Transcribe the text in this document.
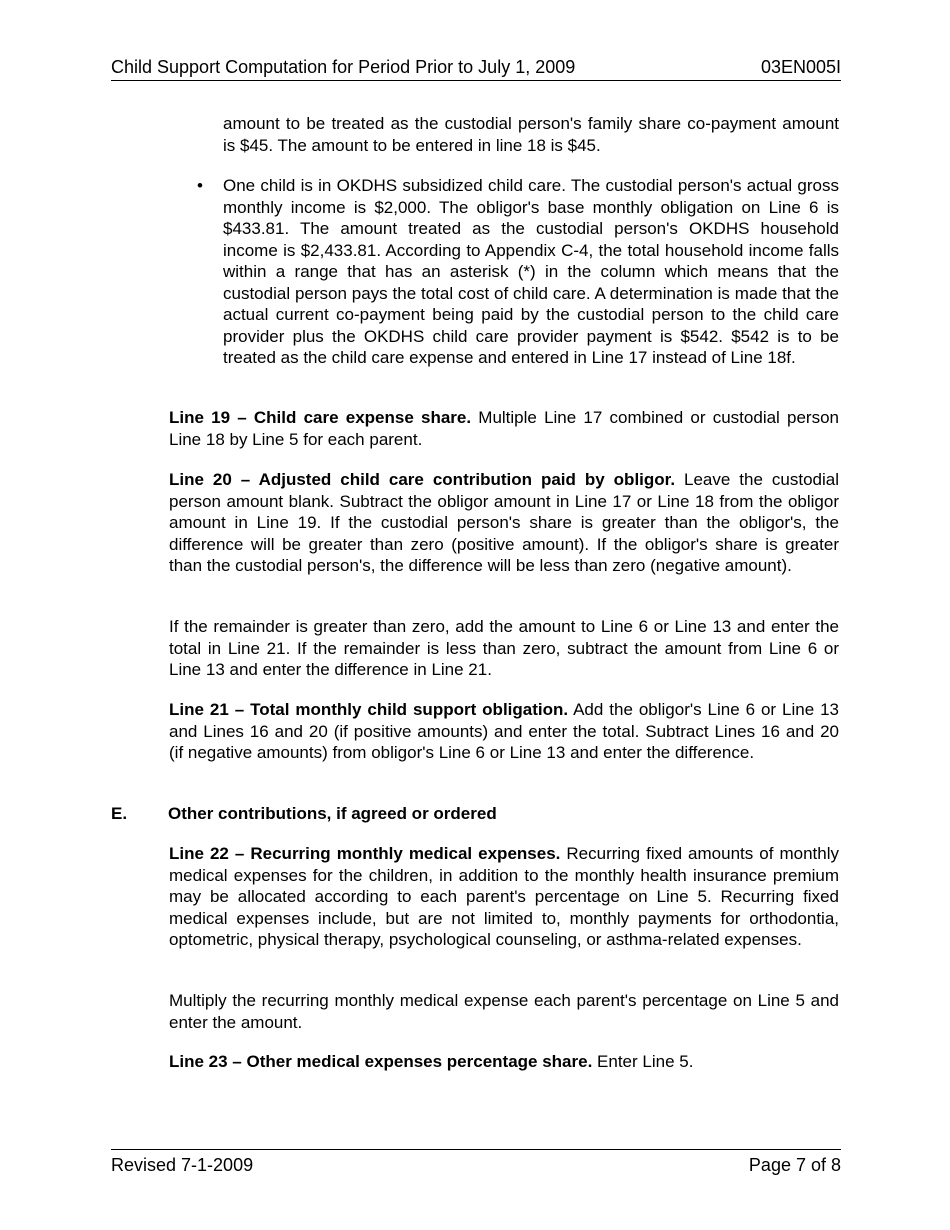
Child Support Computation for Period Prior to July 1, 2009	03EN005I

amount to be treated as the custodial person's family share co-payment amount is $45. The amount to be entered in line 18 is $45.

• One child is in OKDHS subsidized child care. The custodial person's actual gross monthly income is $2,000. The obligor's base monthly obligation on Line 6 is $433.81. The amount treated as the custodial person's OKDHS household income is $2,433.81. According to Appendix C-4, the total household income falls within a range that has an asterisk (*) in the column which means that the custodial person pays the total cost of child care. A determination is made that the actual current co-payment being paid by the custodial person to the child care provider plus the OKDHS child care provider payment is $542. $542 is to be treated as the child care expense and entered in Line 17 instead of Line 18f.

Line 19 – Child care expense share. Multiple Line 17 combined or custodial person Line 18 by Line 5 for each parent.

Line 20 – Adjusted child care contribution paid by obligor. Leave the custodial person amount blank. Subtract the obligor amount in Line 17 or Line 18 from the obligor amount in Line 19. If the custodial person's share is greater than the obligor's, the difference will be greater than zero (positive amount). If the obligor's share is greater than the custodial person's, the difference will be less than zero (negative amount).

If the remainder is greater than zero, add the amount to Line 6 or Line 13 and enter the total in Line 21. If the remainder is less than zero, subtract the amount from Line 6 or Line 13 and enter the difference in Line 21.

Line 21 – Total monthly child support obligation. Add the obligor's Line 6 or Line 13 and Lines 16 and 20 (if positive amounts) and enter the total. Subtract Lines 16 and 20 (if negative amounts) from obligor's Line 6 or Line 13 and enter the difference.

E. Other contributions, if agreed or ordered

Line 22 – Recurring monthly medical expenses. Recurring fixed amounts of monthly medical expenses for the children, in addition to the monthly health insurance premium may be allocated according to each parent's percentage on Line 5. Recurring fixed medical expenses include, but are not limited to, monthly payments for orthodontia, optometric, physical therapy, psychological counseling, or asthma-related expenses.

Multiply the recurring monthly medical expense each parent's percentage on Line 5 and enter the amount.

Line 23 – Other medical expenses percentage share. Enter Line 5.

Revised 7-1-2009	Page 7 of 8
